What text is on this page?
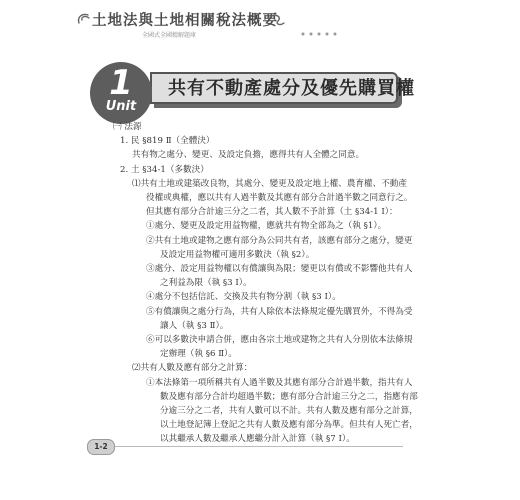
土地法與土地相關稅法概要
全國式全國精解題庫
共有不動產處分及優先購買權
1
Unit
1-2
㈠ 法源
1. 民 §819 Ⅱ（全體決）
共有物之處分、變更、及設定負擔，應得共有人全體之同意。
2. 土 §34-1（多數決）
⑴共有土地或建築改良物，其處分、變更及設定地上權、農育權、不動產
役權或典權，應以共有人過半數及其應有部分合計過半數之同意行之。
但其應有部分合計逾三分之二者，其人數不予計算（土 §34-1 Ⅰ）：
①處分、變更及設定用益物權，應就共有物全部為之（執 §1）。
②共有土地或建物之應有部分為公同共有者，該應有部分之處分，變更
及設定用益物權可適用多數決（執 §2）。
③處分、設定用益物權以有償讓與為限；變更以有償或不影響他共有人
之利益為限（執 §3 Ⅰ）。
④處分不包括信託、交換及共有物分割（執 §3 Ⅰ）。
⑤有償讓與之處分行為，共有人除依本法條規定優先購買外，不得為受
讓人（執 §3 Ⅱ）。
⑥可以多數決申請合併，應由各宗土地或建物之共有人分別依本法條規
定辦理（執 §6 Ⅱ）。
⑵共有人數及應有部分之計算：
①本法條第一項所稱共有人過半數及其應有部分合計過半數，指共有人
數及應有部分合計均超過半數；應有部分合計逾三分之二，指應有部
分逾三分之二者，共有人數可以不計。共有人數及應有部分之計算，
以土地登記簿上登記之共有人數及應有部分為準。但共有人死亡者，
以其繼承人數及繼承人應繼分計入計算（執 §7 Ⅰ）。
